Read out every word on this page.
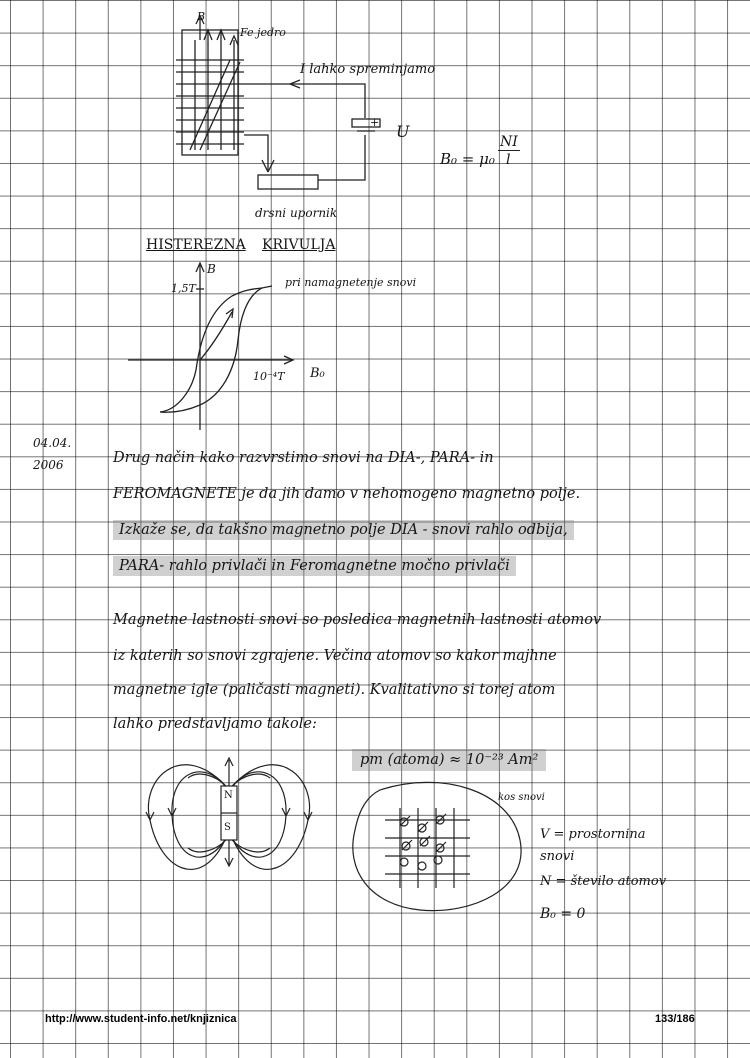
B
Fe jedro
I lahko spreminjamo
+ U
drsni upornik
B₀ = μ₀
NI
l
HISTEREZNA KRIVULJA
B
1,5T
10⁻⁴T B₀
pri namagnetenje snovi
04.04.
2006	Drug način kako razvrstimo snovi na DIA-, PARA- in
FEROMAGNETE je da jih damo v nehomogeno magnetno polje.
Izkaže se, da takšno magnetno polje DIA - snovi rahlo odbija,
PARA- rahlo privlači in Feromagnetne močno privlači
Magnetne lastnosti snovi so posledica magnetnih lastnosti atomov
iz katerih so snovi zgrajene. Večina atomov so kakor majhne
magnetne igle (paličasti magneti). Kvalitativno si torej atom
lahko predstavljamo takole:
pm (atoma) ≈ 10⁻²³ Am²
N
S
kos snovi
V = prostornina snovi
N = število atomov
B₀ = 0
http://www.student-info.net/knjiznica	133/186
